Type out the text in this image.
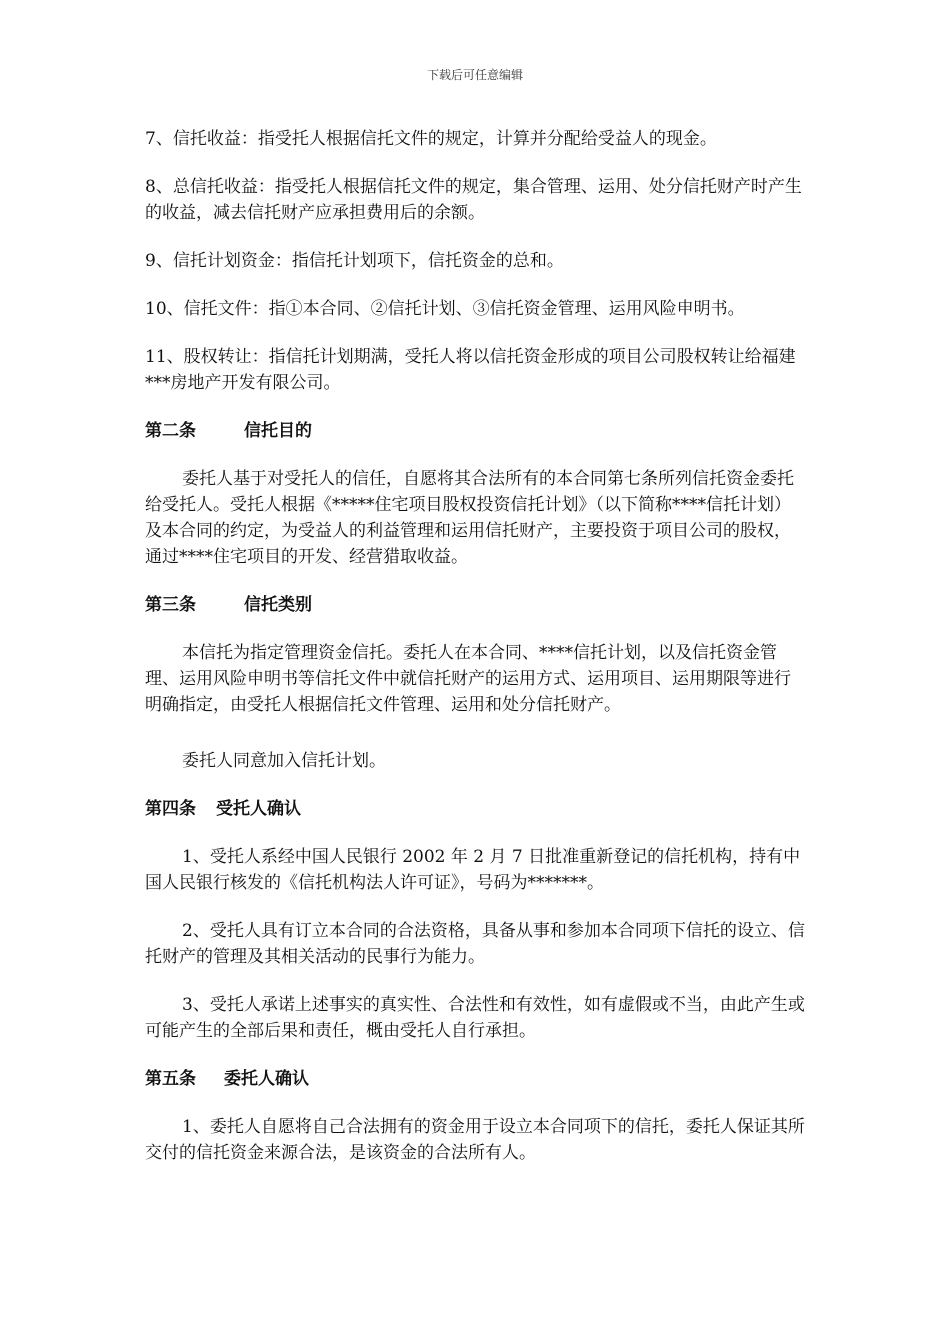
下载后可任意编辑

7、信托收益：指受托人根据信托文件的规定，计算并分配给受益人的现金。

8、总信托收益：指受托人根据信托文件的规定，集合管理、运用、处分信托财产时产生的收益，减去信托财产应承担费用后的余额。

9、信托计划资金：指信托计划项下，信托资金的总和。

10、信托文件：指①本合同、②信托计划、③信托资金管理、运用风险申明书。

11、股权转让：指信托计划期满，受托人将以信托资金形成的项目公司股权转让给福建***房地产开发有限公司。

第二条	信托目的

委托人基于对受托人的信任，自愿将其合法所有的本合同第七条所列信托资金委托给受托人。受托人根据《*****住宅项目股权投资信托计划》（以下简称****信托计划）及本合同的约定，为受益人的利益管理和运用信托财产，主要投资于项目公司的股权，通过****住宅项目的开发、经营猎取收益。

第三条	信托类别

本信托为指定管理资金信托。委托人在本合同、****信托计划，以及信托资金管理、运用风险申明书等信托文件中就信托财产的运用方式、运用项目、运用期限等进行明确指定，由受托人根据信托文件管理、运用和处分信托财产。

委托人同意加入信托计划。

第四条 受托人确认

1、受托人系经中国人民银行 2002 年 2 月 7 日批准重新登记的信托机构，持有中国人民银行核发的《信托机构法人许可证》，号码为*******。

2、受托人具有订立本合同的合法资格，具备从事和参加本合同项下信托的设立、信托财产的管理及其相关活动的民事行为能力。

3、受托人承诺上述事实的真实性、合法性和有效性，如有虚假或不当，由此产生或可能产生的全部后果和责任，概由受托人自行承担。

第五条 委托人确认

1、委托人自愿将自己合法拥有的资金用于设立本合同项下的信托，委托人保证其所交付的信托资金来源合法，是该资金的合法所有人。
